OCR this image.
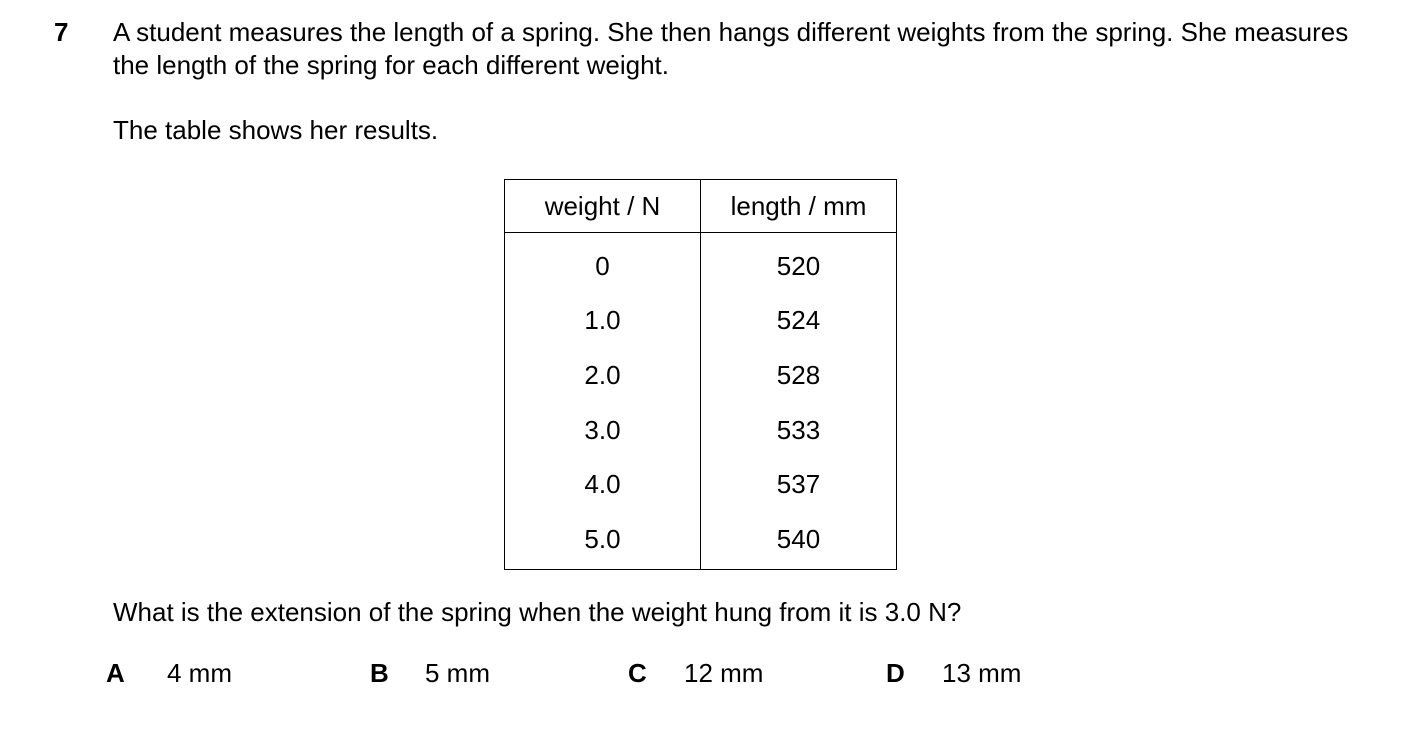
7 A student measures the length of a spring. She then hangs different weights from the spring. She measures the length of the spring for each different weight.

The table shows her results.

weight / N	length / mm
0	520
1.0	524
2.0	528
3.0	533
4.0	537
5.0	540

What is the extension of the spring when the weight hung from it is 3.0 N?

A 4 mm	B 5 mm	C 12 mm	D 13 mm
